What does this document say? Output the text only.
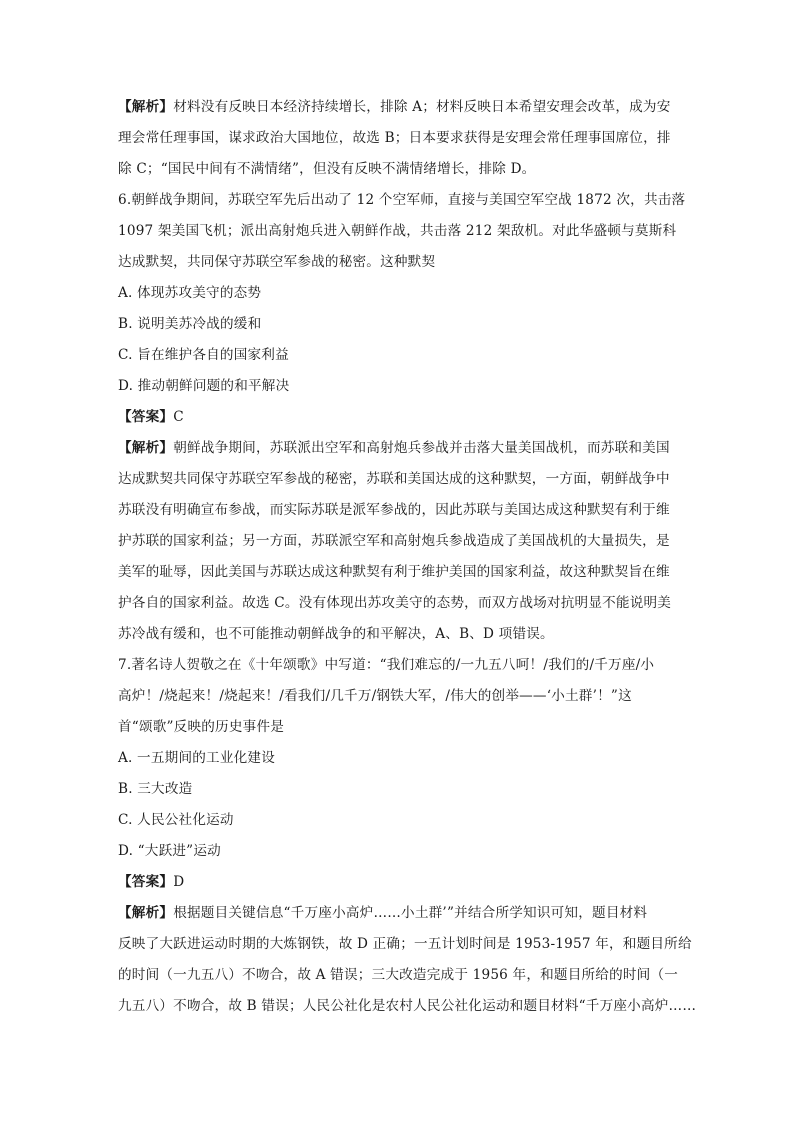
【解析】材料没有反映日本经济持续增长，排除 A；材料反映日本希望安理会改革，成为安
理会常任理事国，谋求政治大国地位，故选 B；日本要求获得是安理会常任理事国席位，排
除 C；“国民中间有不满情绪”，但没有反映不满情绪增长，排除 D。
6.朝鲜战争期间，苏联空军先后出动了 12 个空军师，直接与美国空军空战 1872 次，共击落
1097 架美国飞机；派出高射炮兵进入朝鲜作战，共击落 212 架敌机。对此华盛顿与莫斯科
达成默契，共同保守苏联空军参战的秘密。这种默契
A. 体现苏攻美守的态势
B. 说明美苏冷战的缓和
C. 旨在维护各自的国家利益
D. 推动朝鲜问题的和平解决
【答案】C
【解析】朝鲜战争期间，苏联派出空军和高射炮兵参战并击落大量美国战机，而苏联和美国
达成默契共同保守苏联空军参战的秘密，苏联和美国达成的这种默契，一方面，朝鲜战争中
苏联没有明确宣布参战，而实际苏联是派军参战的，因此苏联与美国达成这种默契有利于维
护苏联的国家利益；另一方面，苏联派空军和高射炮兵参战造成了美国战机的大量损失，是
美军的耻辱，因此美国与苏联达成这种默契有利于维护美国的国家利益，故这种默契旨在维
护各自的国家利益。故选 C。没有体现出苏攻美守的态势，而双方战场对抗明显不能说明美
苏冷战有缓和，也不可能推动朝鲜战争的和平解决，A、B、D 项错误。
7.著名诗人贺敬之在《十年颂歌》中写道：“我们难忘的/一九五八呵！/我们的/千万座/小
高炉！/烧起来！/烧起来！/看我们/几千万/钢铁大军，/伟大的创举——‘小土群’！”这
首“颂歌”反映的历史事件是
A. 一五期间的工业化建设
B. 三大改造
C. 人民公社化运动
D. “大跃进”运动
【答案】D
【解析】根据题目关键信息“千万座小高炉……小土群’”并结合所学知识可知，题目材料
反映了大跃进运动时期的大炼钢铁，故 D 正确；一五计划时间是 1953-1957 年，和题目所给
的时间（一九五八）不吻合，故 A 错误；三大改造完成于 1956 年，和题目所给的时间（一
九五八）不吻合，故 B 错误；人民公社化是农村人民公社化运动和题目材料“千万座小高炉……
